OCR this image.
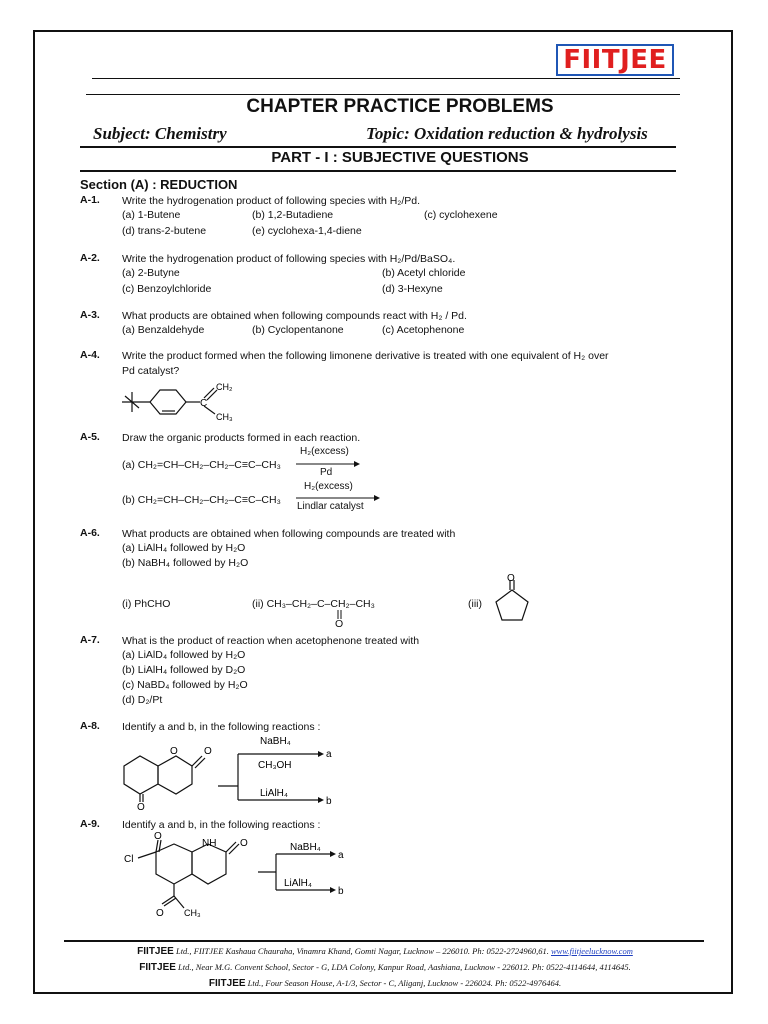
FIITJEE
CHAPTER PRACTICE PROBLEMS
Subject: Chemistry	Topic: Oxidation reduction & hydrolysis
PART - I : SUBJECTIVE QUESTIONS
Section (A) : REDUCTION
A-1. Write the hydrogenation product of following species with H₂/Pd.
(a) 1-Butene	(b) 1,2-Butadiene	(c) cyclohexene
(d) trans-2-butene	(e) cyclohexa-1,4-diene
A-2. Write the hydrogenation product of following species with H₂/Pd/BaSO₄.
(a) 2-Butyne	(b) Acetyl chloride
(c) Benzoylchloride	(d) 3-Hexyne
A-3. What products are obtained when following compounds react with H₂ / Pd.
(a) Benzaldehyde	(b) Cyclopentanone	(c) Acetophenone
A-4. Write the product formed when the following limonene derivative is treated with one equivalent of H₂ over
Pd catalyst?
C
CH₂
CH₃
A-5. Draw the organic products formed in each reaction.
(a) CH₂=CH–CH₂–CH₂–C≡C–CH₃
H₂(excess)
Pd
(b) CH₂=CH–CH₂–CH₂–C≡C–CH₃
H₂(excess)
Lindlar catalyst
A-6. What products are obtained when following compounds are treated with
(a) LiAlH₄ followed by H₂O
(b) NaBH₄ followed by H₂O
(i) PhCHO	(ii) CH₃–CH₂–C–CH₂–CH₃
O
(iii)
O
A-7. What is the product of reaction when acetophenone treated with
(a) LiAlD₄ followed by H₂O
(b) LiAlH₄ followed by D₂O
(c) NaBD₄ followed by H₂O
(d) D₂/Pt
A-8. Identify a and b, in the following reactions :
O	O
O
NaBH₄
CH₃OH
LiAlH₄
a
b
A-9. Identify a and b, in the following reactions :
O
Cl
NH O
O CH₃
NaBH₄
LiAlH₄
a
b
FIITJEE Ltd., FIITJEE Kashaua Chauraha, Vinamra Khand, Gomti Nagar, Lucknow – 226010. Ph: 0522-2724960,61. www.fiitjeelucknow.com
FIITJEE Ltd., Near M.G. Convent School, Sector - G, LDA Colony, Kanpur Road, Aashiana, Lucknow - 226012. Ph: 0522-4114644, 4114645.
FIITJEE Ltd., Four Season House, A-1/3, Sector - C, Aliganj, Lucknow - 226024. Ph: 0522-4976464.
